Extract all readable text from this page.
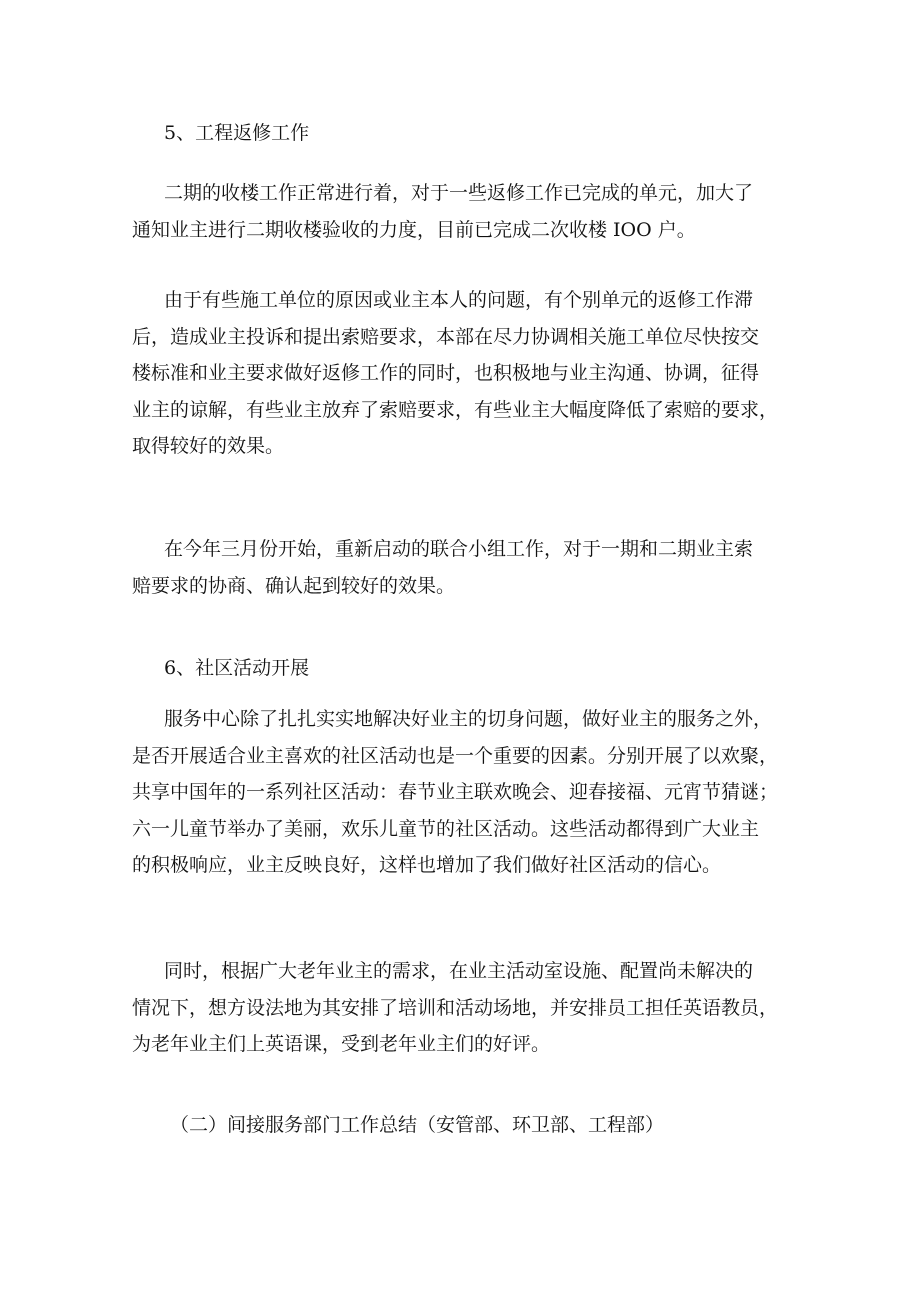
5、工程返修工作
二期的收楼工作正常进行着，对于一些返修工作已完成的单元，加大了
通知业主进行二期收楼验收的力度，目前已完成二次收楼 IOO 户。
由于有些施工单位的原因或业主本人的问题，有个别单元的返修工作滞
后，造成业主投诉和提出索赔要求，本部在尽力协调相关施工单位尽快按交
楼标准和业主要求做好返修工作的同时，也积极地与业主沟通、协调，征得
业主的谅解，有些业主放弃了索赔要求，有些业主大幅度降低了索赔的要求，
取得较好的效果。
在今年三月份开始，重新启动的联合小组工作，对于一期和二期业主索
赔要求的协商、确认起到较好的效果。
6、社区活动开展
服务中心除了扎扎实实地解决好业主的切身问题，做好业主的服务之外，
是否开展适合业主喜欢的社区活动也是一个重要的因素。分别开展了以欢聚，
共享中国年的一系列社区活动：春节业主联欢晚会、迎春接福、元宵节猜谜；
六一儿童节举办了美丽，欢乐儿童节的社区活动。这些活动都得到广大业主
的积极响应，业主反映良好，这样也增加了我们做好社区活动的信心。
同时，根据广大老年业主的需求，在业主活动室设施、配置尚未解决的
情况下，想方设法地为其安排了培训和活动场地，并安排员工担任英语教员，
为老年业主们上英语课，受到老年业主们的好评。
（二）间接服务部门工作总结（安管部、环卫部、工程部）
